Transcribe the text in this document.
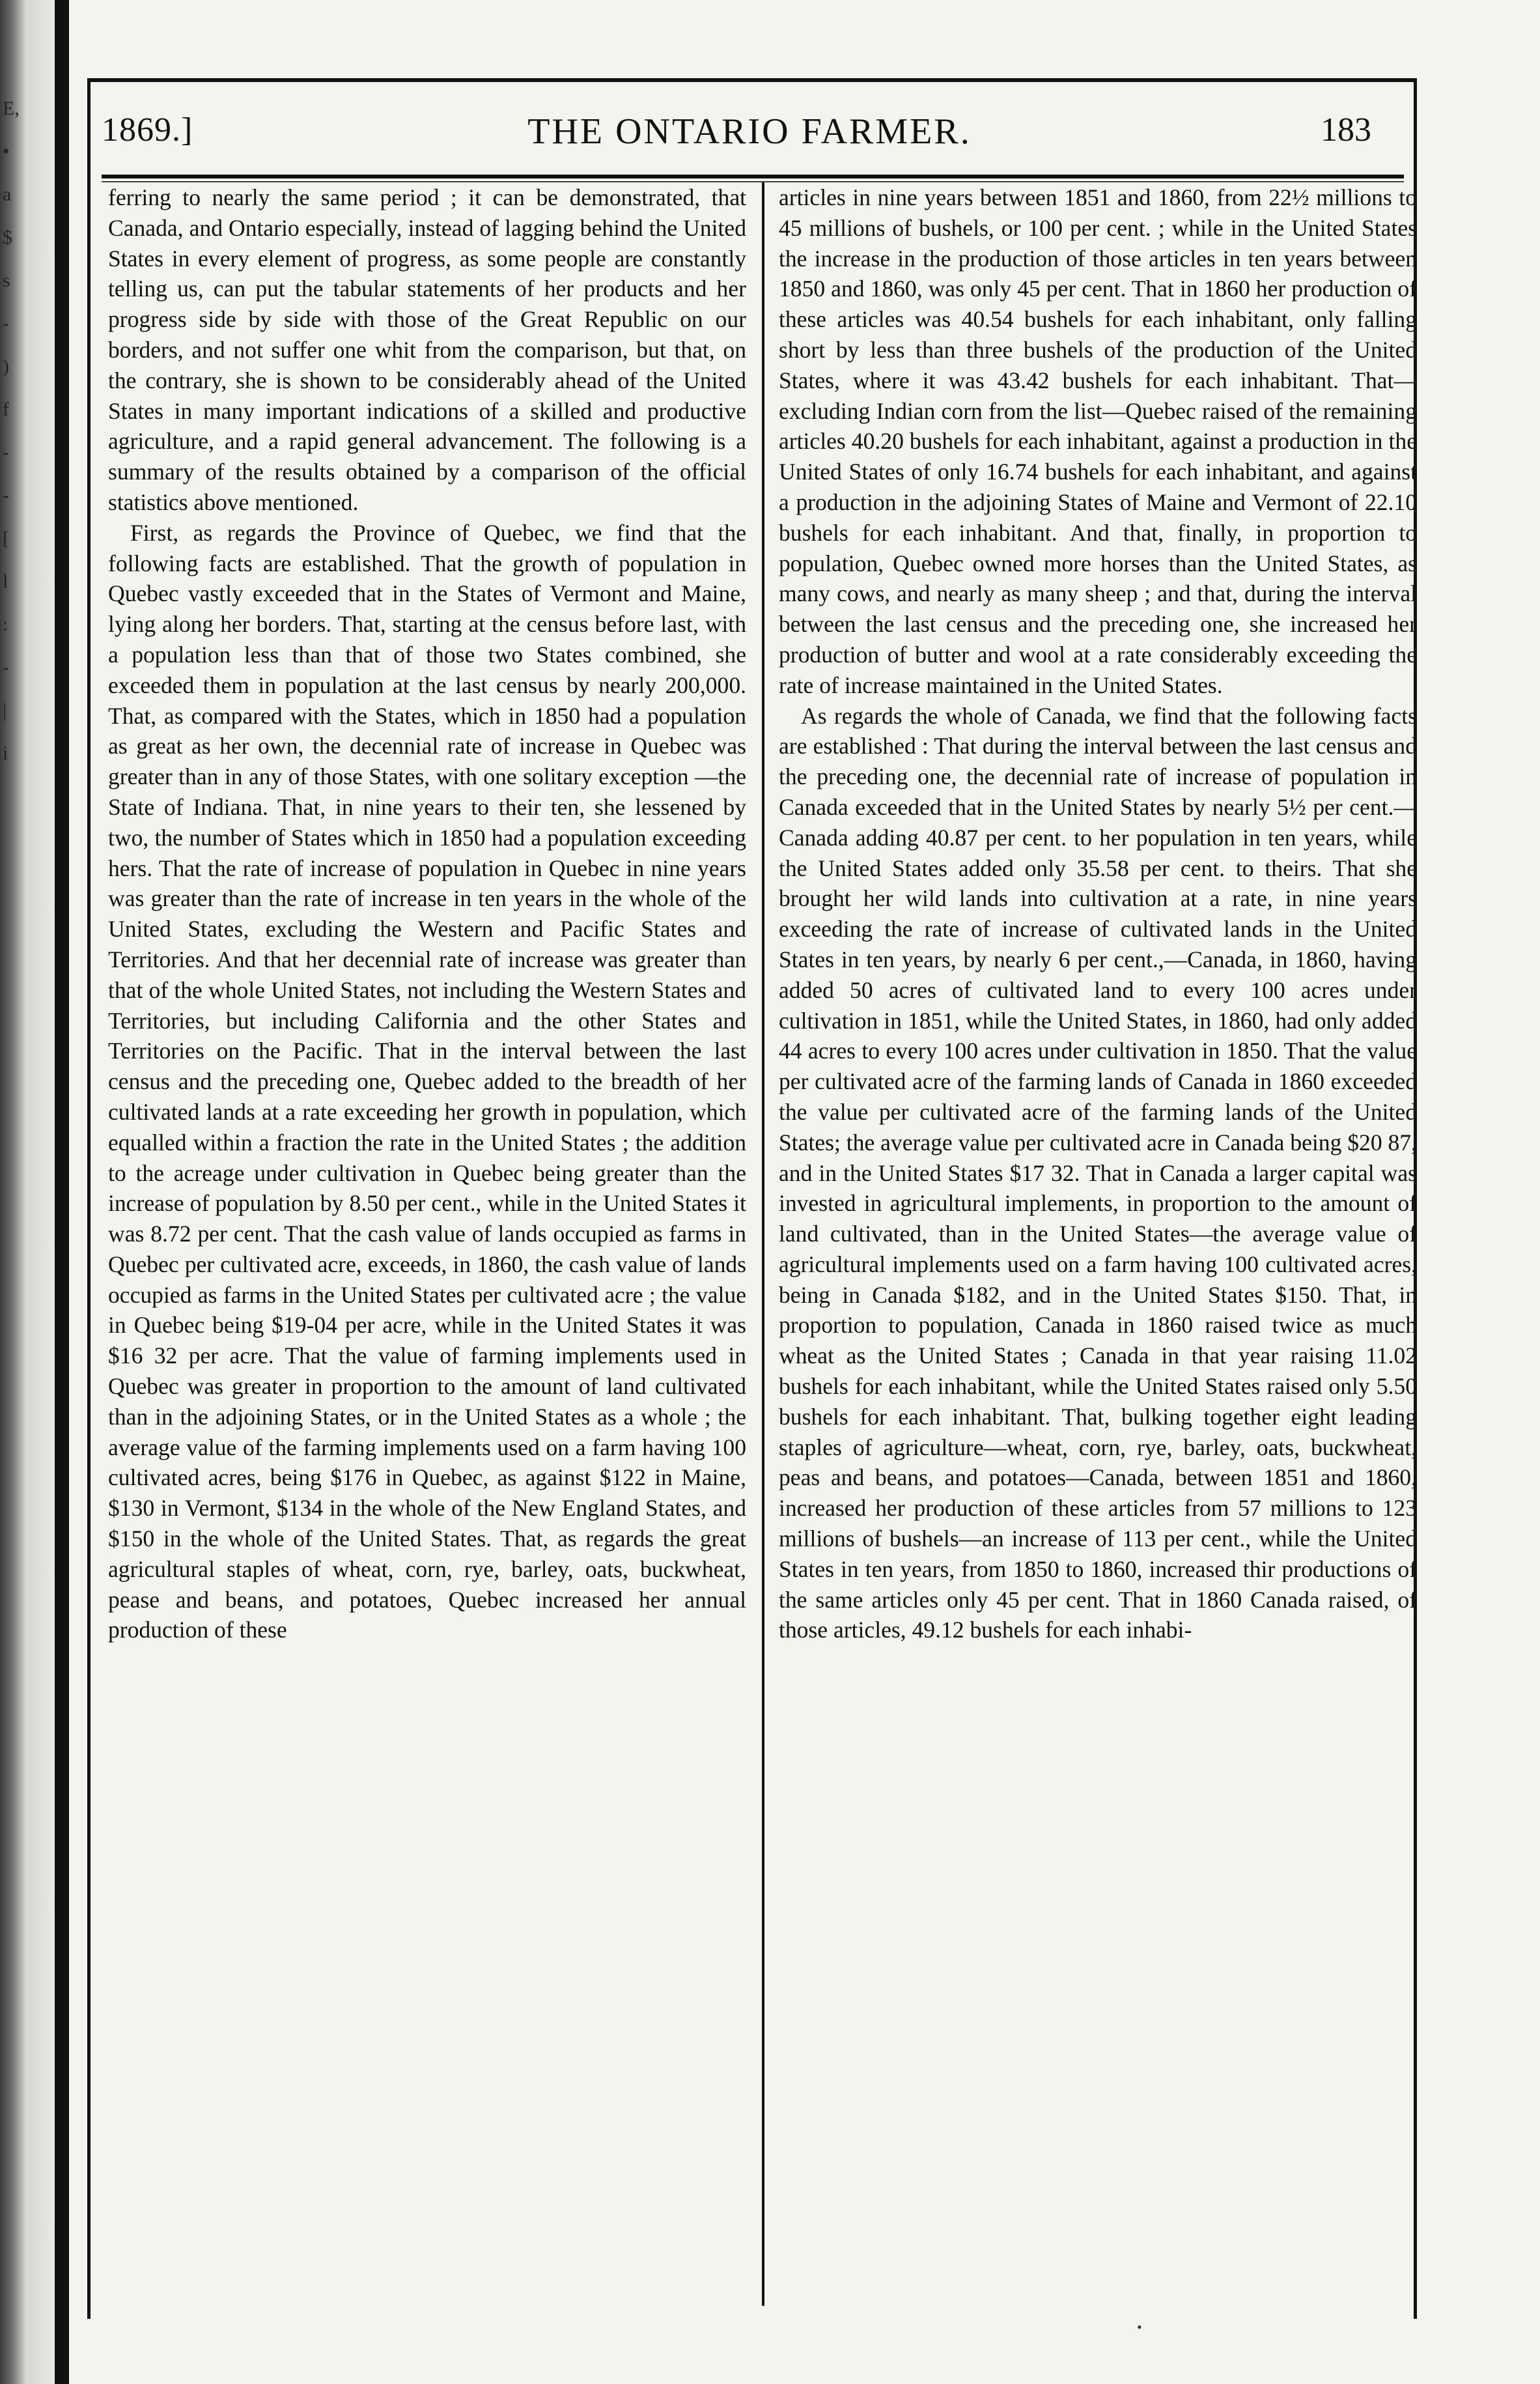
E,
•
a
$
s
-
)
f
-
-
[
l
:
-
|
i
1869.]	THE ONTARIO FARMER.	183

ferring to nearly the same period ; it can be demonstrated, that Canada, and Ontario especially, instead of lagging behind the United States in every element of progress, as some people are constantly telling us, can put the tabular statements of her products and her progress side by side with those of the Great Republic on our borders, and not suffer one whit from the comparison, but that, on the contrary, she is shown to be considerably ahead of the United States in many important indications of a skilled and productive agriculture, and a rapid general advancement. The following is a summary of the results obtained by a comparison of the official statistics above mentioned.

First, as regards the Province of Quebec, we find that the following facts are established. That the growth of population in Quebec vastly exceeded that in the States of Vermont and Maine, lying along her borders. That, starting at the census before last, with a population less than that of those two States combined, she exceeded them in population at the last census by nearly 200,000. That, as compared with the States, which in 1850 had a population as great as her own, the decennial rate of increase in Quebec was greater than in any of those States, with one solitary exception —the State of Indiana. That, in nine years to their ten, she lessened by two, the number of States which in 1850 had a population exceeding hers. That the rate of increase of population in Quebec in nine years was greater than the rate of increase in ten years in the whole of the United States, excluding the Western and Pacific States and Territories. And that her decennial rate of increase was greater than that of the whole United States, not including the Western States and Territories, but including California and the other States and Territories on the Pacific. That in the interval between the last census and the preceding one, Quebec added to the breadth of her cultivated lands at a rate exceeding her growth in population, which equalled within a fraction the rate in the United States ; the addition to the acreage under cultivation in Quebec being greater than the increase of population by 8.50 per cent., while in the United States it was 8.72 per cent. That the cash value of lands occupied as farms in Quebec per cultivated acre, exceeds, in 1860, the cash value of lands occupied as farms in the United States per cultivated acre ; the value in Quebec being $19-04 per acre, while in the United States it was $16 32 per acre. That the value of farming implements used in Quebec was greater in proportion to the amount of land cultivated than in the adjoining States, or in the United States as a whole ; the average value of the farming implements used on a farm having 100 cultivated acres, being $176 in Quebec, as against $122 in Maine, $130 in Vermont, $134 in the whole of the New England States, and $150 in the whole of the United States. That, as regards the great agricultural staples of wheat, corn, rye, barley, oats, buckwheat, pease and beans, and potatoes, Quebec increased her annual production of these

articles in nine years between 1851 and 1860, from 22½ millions to 45 millions of bushels, or 100 per cent. ; while in the United States the increase in the production of those articles in ten years between 1850 and 1860, was only 45 per cent. That in 1860 her production of these articles was 40.54 bushels for each inhabitant, only falling short by less than three bushels of the production of the United States, where it was 43.42 bushels for each inhabitant. That—excluding Indian corn from the list—Quebec raised of the remaining articles 40.20 bushels for each inhabitant, against a production in the United States of only 16.74 bushels for each inhabitant, and against a production in the adjoining States of Maine and Vermont of 22.10 bushels for each inhabitant. And that, finally, in proportion to population, Quebec owned more horses than the United States, as many cows, and nearly as many sheep ; and that, during the interval between the last census and the preceding one, she increased her production of butter and wool at a rate considerably exceeding the rate of increase maintained in the United States.

As regards the whole of Canada, we find that the following facts are established : That during the interval between the last census and the preceding one, the decennial rate of increase of population in Canada exceeded that in the United States by nearly 5½ per cent.—Canada adding 40.87 per cent. to her population in ten years, while the United States added only 35.58 per cent. to theirs. That she brought her wild lands into cultivation at a rate, in nine years exceeding the rate of increase of cultivated lands in the United States in ten years, by nearly 6 per cent.,—Canada, in 1860, having added 50 acres of cultivated land to every 100 acres under cultivation in 1851, while the United States, in 1860, had only added 44 acres to every 100 acres under cultivation in 1850. That the value per cultivated acre of the farming lands of Canada in 1860 exceeded the value per cultivated acre of the farming lands of the United States; the average value per cultivated acre in Canada being $20 87, and in the United States $17 32. That in Canada a larger capital was invested in agricultural implements, in proportion to the amount of land cultivated, than in the United States—the average value of agricultural implements used on a farm having 100 cultivated acres, being in Canada $182, and in the United States $150. That, in proportion to population, Canada in 1860 raised twice as much wheat as the United States ; Canada in that year raising 11.02 bushels for each inhabitant, while the United States raised only 5.50 bushels for each inhabitant. That, bulking together eight leading staples of agriculture—wheat, corn, rye, barley, oats, buckwheat, peas and beans, and potatoes—Canada, between 1851 and 1860, increased her production of these articles from 57 millions to 123 millions of bushels—an increase of 113 per cent., while the United States in ten years, from 1850 to 1860, increased thir productions of the same articles only 45 per cent. That in 1860 Canada raised, of those articles, 49.12 bushels for each inhabi-

•
